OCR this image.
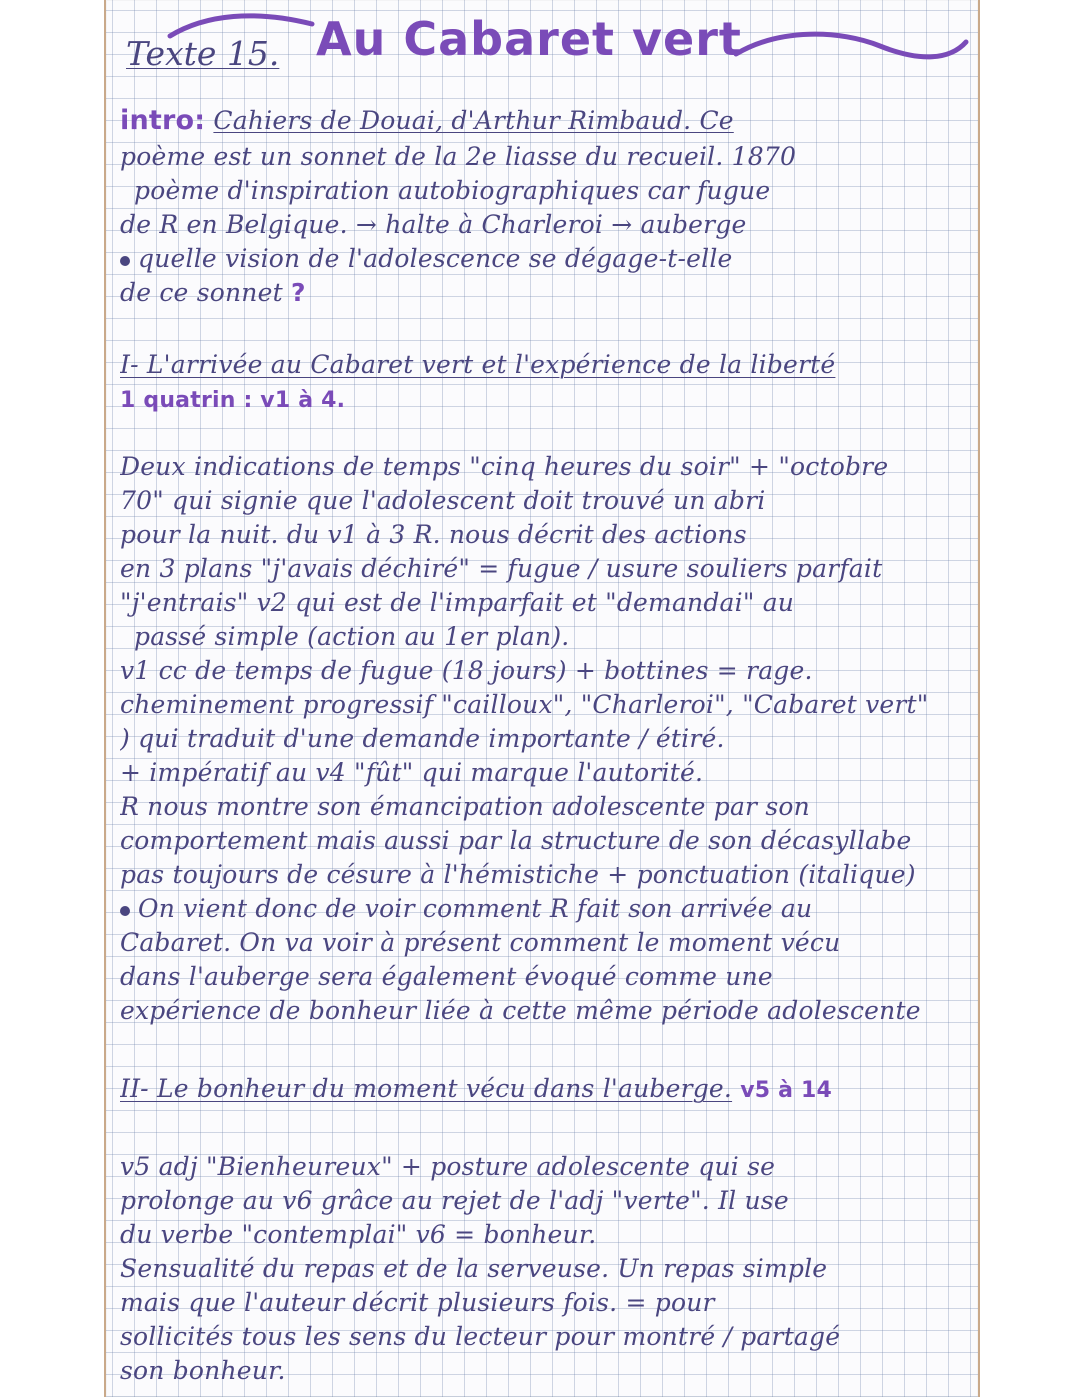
Texte 15. Au Cabaret vert
intro: Cahiers de Douai, d'Arthur Rimbaud. Ce
poème est un sonnet de la 2e liasse du recueil. 1870
poème d'inspiration autobiographiques car fugue
de R en Belgique. → halte à Charleroi → auberge
quelle vision de l'adolescence se dégage-t-elle
de ce sonnet ?
I- L'arrivée au Cabaret vert et l'expérience de la liberté
1 quatrin : v1 à 4.
Deux indications de temps "cinq heures du soir" + "octobre
70" qui signie que l'adolescent doit trouvé un abri
pour la nuit. du v1 à 3 R. nous décrit des actions
en 3 plans "j'avais déchiré" = fugue / usure souliers parfait
"j'entrais" v2 qui est de l'imparfait et "demandai" au
passé simple (action au 1er plan).
v1 cc de temps de fugue (18 jours) + bottines = rage.
cheminement progressif "cailloux", "Charleroi", "Cabaret vert"
) qui traduit d'une demande importante / étiré.
+ impératif au v4 "fût" qui marque l'autorité.
R nous montre son émancipation adolescente par son
comportement mais aussi par la structure de son décasyllabe
pas toujours de césure à l'hémistiche + ponctuation (italique)
On vient donc de voir comment R fait son arrivée au
Cabaret. On va voir à présent comment le moment vécu
dans l'auberge sera également évoqué comme une
expérience de bonheur liée à cette même période adolescente
II- Le bonheur du moment vécu dans l'auberge. v5 à 14
v5 adj "Bienheureux" + posture adolescente qui se
prolonge au v6 grâce au rejet de l'adj "verte". Il use
du verbe "contemplai" v6 = bonheur.
Sensualité du repas et de la serveuse. Un repas simple
mais que l'auteur décrit plusieurs fois. = pour
sollicités tous les sens du lecteur pour montré / partagé
son bonheur.
